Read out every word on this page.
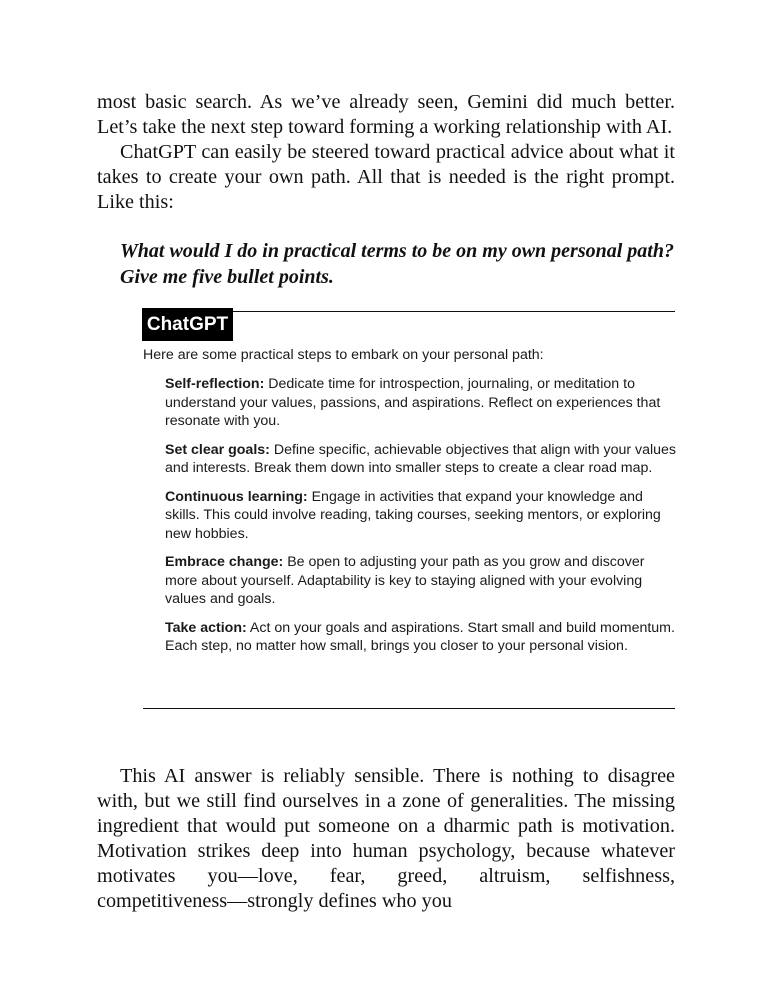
most basic search. As we’ve already seen, Gemini did much better. Let’s take the next step toward forming a working relationship with AI.

ChatGPT can easily be steered toward practical advice about what it takes to create your own path. All that is needed is the right prompt. Like this:

What would I do in practical terms to be on my own personal path?
Give me five bullet points.
ChatGPT

Here are some practical steps to embark on your personal path:

Self-reflection: Dedicate time for introspection, journaling, or meditation to understand your values, passions, and aspirations. Reflect on experiences that resonate with you.
Set clear goals: Define specific, achievable objectives that align with your values and interests. Break them down into smaller steps to create a clear road map.
Continuous learning: Engage in activities that expand your knowledge and skills. This could involve reading, taking courses, seeking mentors, or exploring new hobbies.
Embrace change: Be open to adjusting your path as you grow and discover more about yourself. Adaptability is key to staying aligned with your evolving values and goals.
Take action: Act on your goals and aspirations. Start small and build momentum. Each step, no matter how small, brings you closer to your personal vision.

This AI answer is reliably sensible. There is nothing to disagree with, but we still find ourselves in a zone of generalities. The missing ingredient that would put someone on a dharmic path is motivation. Motivation strikes deep into human psychology, because whatever motivates you—love, fear, greed, altruism, selfishness, competitiveness—strongly defines who you
